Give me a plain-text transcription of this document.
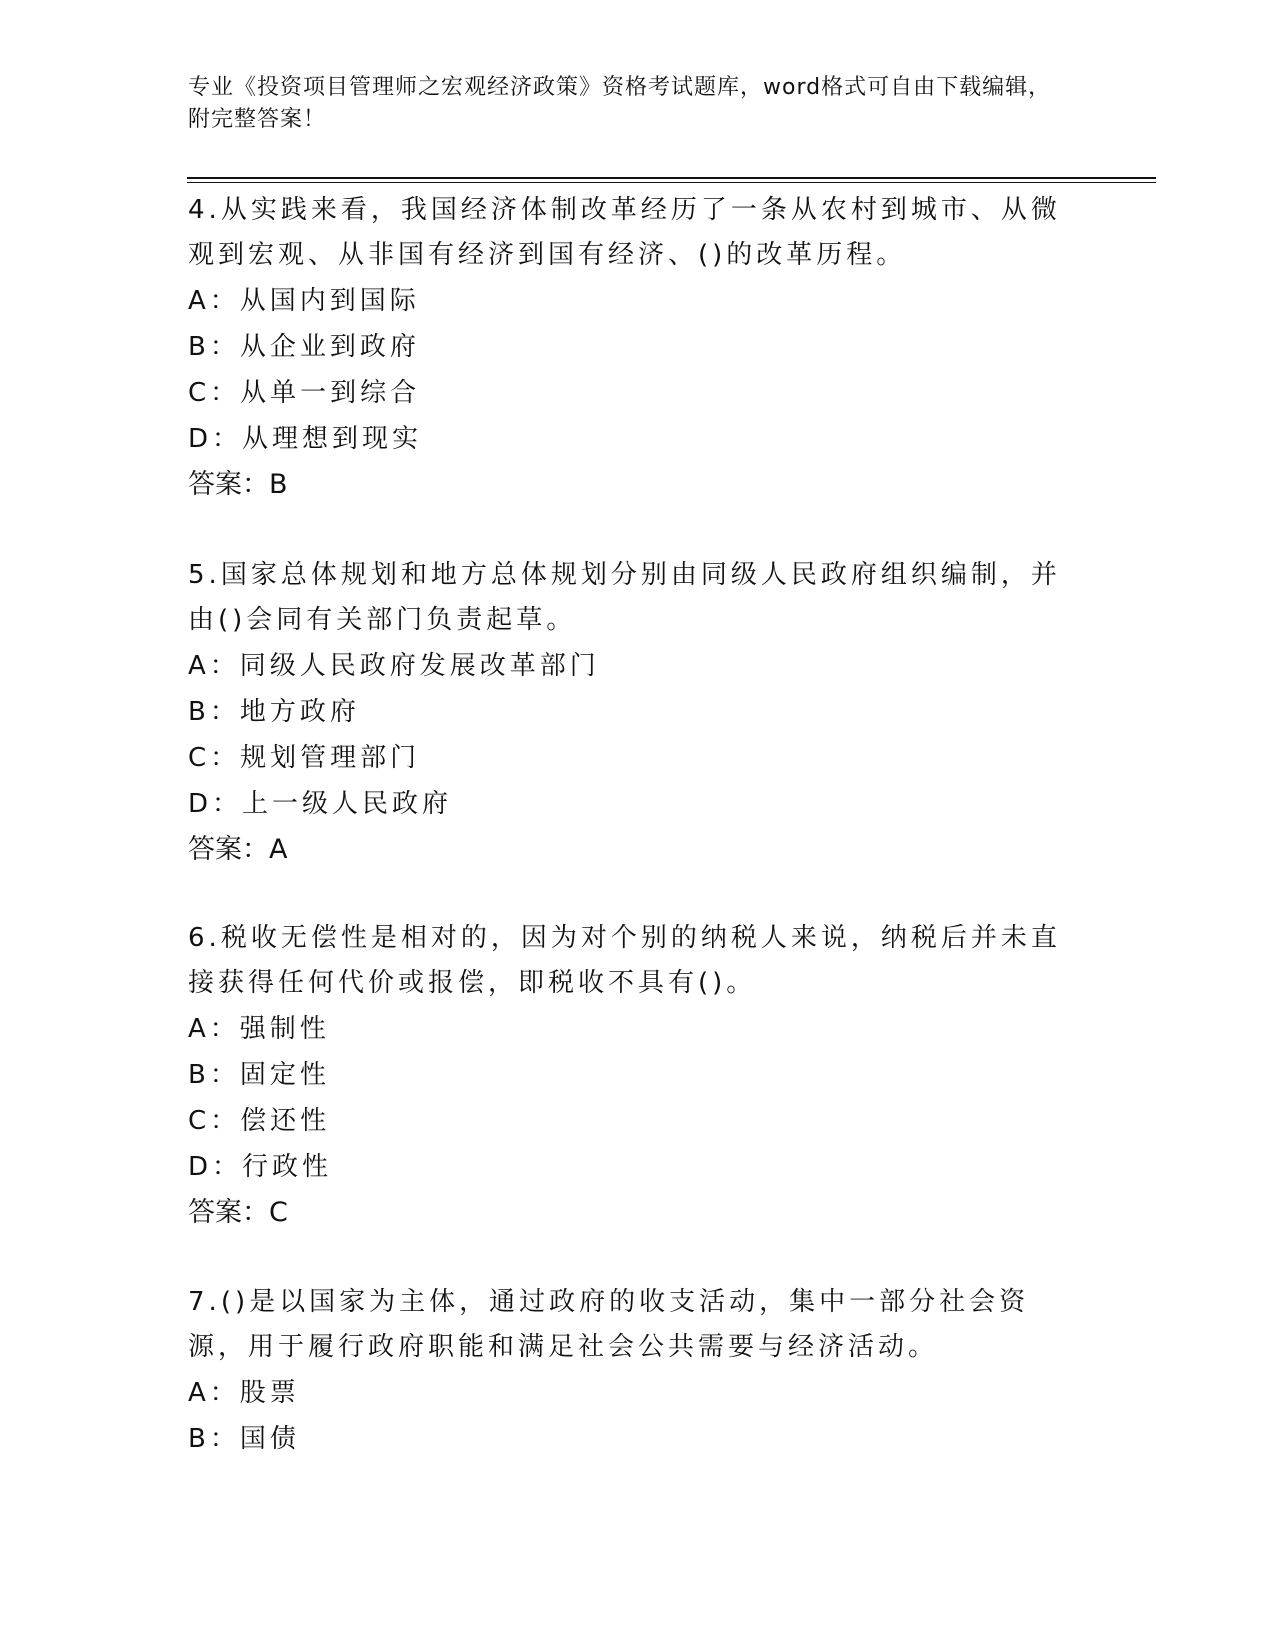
专业《投资项目管理师之宏观经济政策》资格考试题库，word格式可自由下载编辑，附完整答案！

4.从实践来看，我国经济体制改革经历了一条从农村到城市、从微观到宏观、从非国有经济到国有经济、()的改革历程。

A：从国内到国际

B：从企业到政府

C：从单一到综合

D：从理想到现实

答案：B

5.国家总体规划和地方总体规划分别由同级人民政府组织编制，并由()会同有关部门负责起草。

A：同级人民政府发展改革部门

B：地方政府

C：规划管理部门

D：上一级人民政府

答案：A

6.税收无偿性是相对的，因为对个别的纳税人来说，纳税后并未直接获得任何代价或报偿，即税收不具有()。

A：强制性

B：固定性

C：偿还性

D：行政性

答案：C

7.()是以国家为主体，通过政府的收支活动，集中一部分社会资源，用于履行政府职能和满足社会公共需要与经济活动。

A：股票

B：国债
